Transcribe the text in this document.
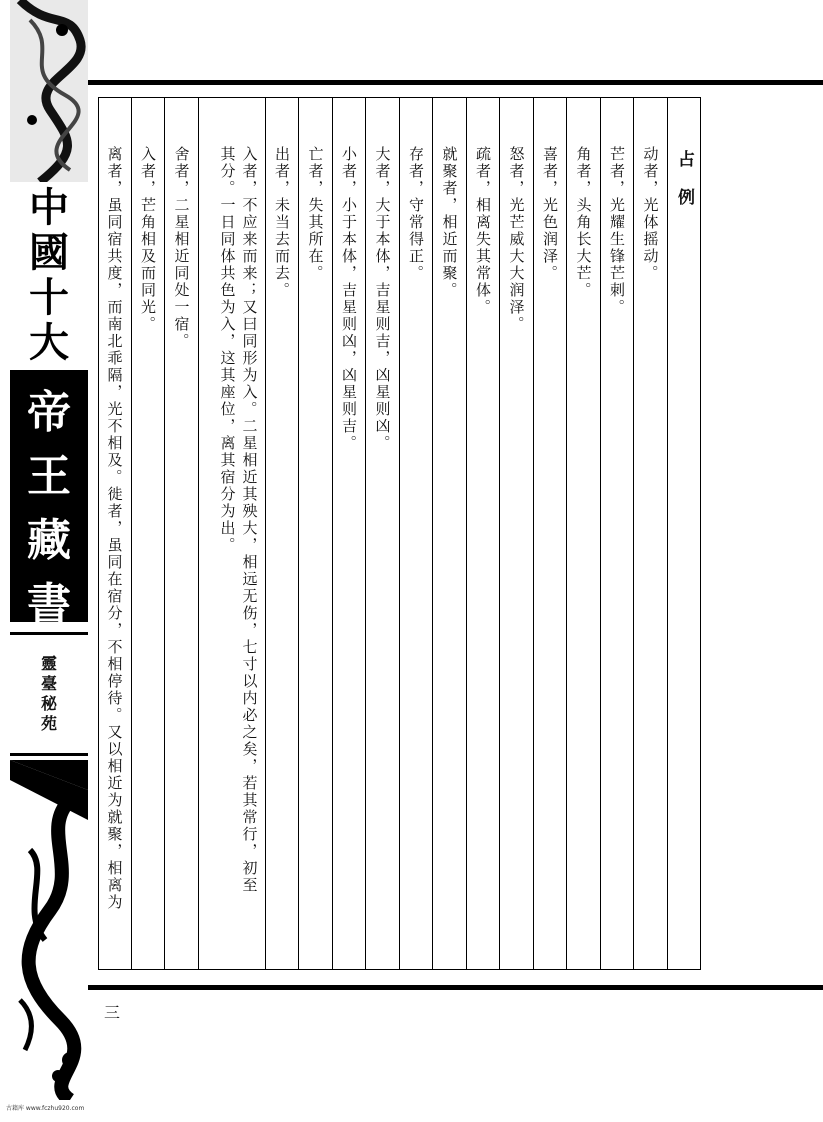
中
國
十
大
帝
王
藏
書
靈
臺
秘
苑
占　例
动者，光体摇动。
芒者，光耀生锋芒刺。
角者，头角长大芒。
喜者，光色润泽。
怒者，光芒威大大润泽。
疏者，相离失其常体。
就聚者，相近而聚。
存者，守常得正。
大者，大于本体，吉星则吉，凶星则凶。
小者，小于本体，吉星则凶，凶星则吉。
亡者，失其所在。
出者，未当去而去。
入者，不应来而来；又曰同形为入。二星相近其殃大，相远无伤，七寸以内必之矣，若其常行，初至
其分。一日同体共色为入，这其座位，离其宿分为出。
舍者，二星相近同处一宿。
入者，芒角相及而同光。
离者，虽同宿共度，而南北乖隔，光不相及。徙者，虽同在宿分，不相停待。又以相近为就聚，相离为
三
古籍库 www.fczhu920.com
